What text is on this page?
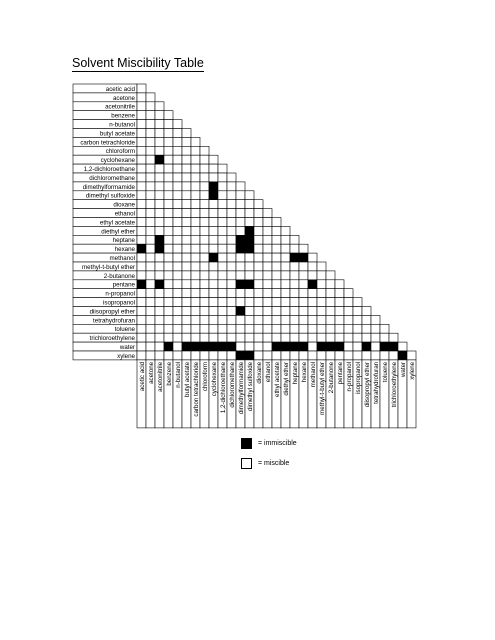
Solvent Miscibility Table
acetic acid
acetone
acetonitrile
benzene
n-butanol
butyl acetate
carbon tetrachloride
chloroform
cyclohexane
1,2-dichloroethane
dichloromethane
dimethylformamide
dimethyl sulfoxide
dioxane
ethanol
ethyl acetate
diethyl ether
heptane
hexane
methanol
methyl-t-butyl ether
2-butanone
pentane
n-propanol
isopropanol
diisopropyl ether
tetrahydrofuran
toluene
trichloroethylene
water
xylene
acetic acid acetone acetonitrile benzene n-butanol butyl acetate carbon tetrachloride chloroform cyclohexane 1,2-dichloroethane dichloromethane dimethylformamide dimethyl sulfoxide dioxane ethanol ethyl acetate diethyl ether heptane hexane methanol methyl-t-butyl ether 2-butanone pentane n-propanol isopropanol diisopropyl ether tetrahydrofuran toluene trichloroethylene water xylene
= immiscible
= miscible
